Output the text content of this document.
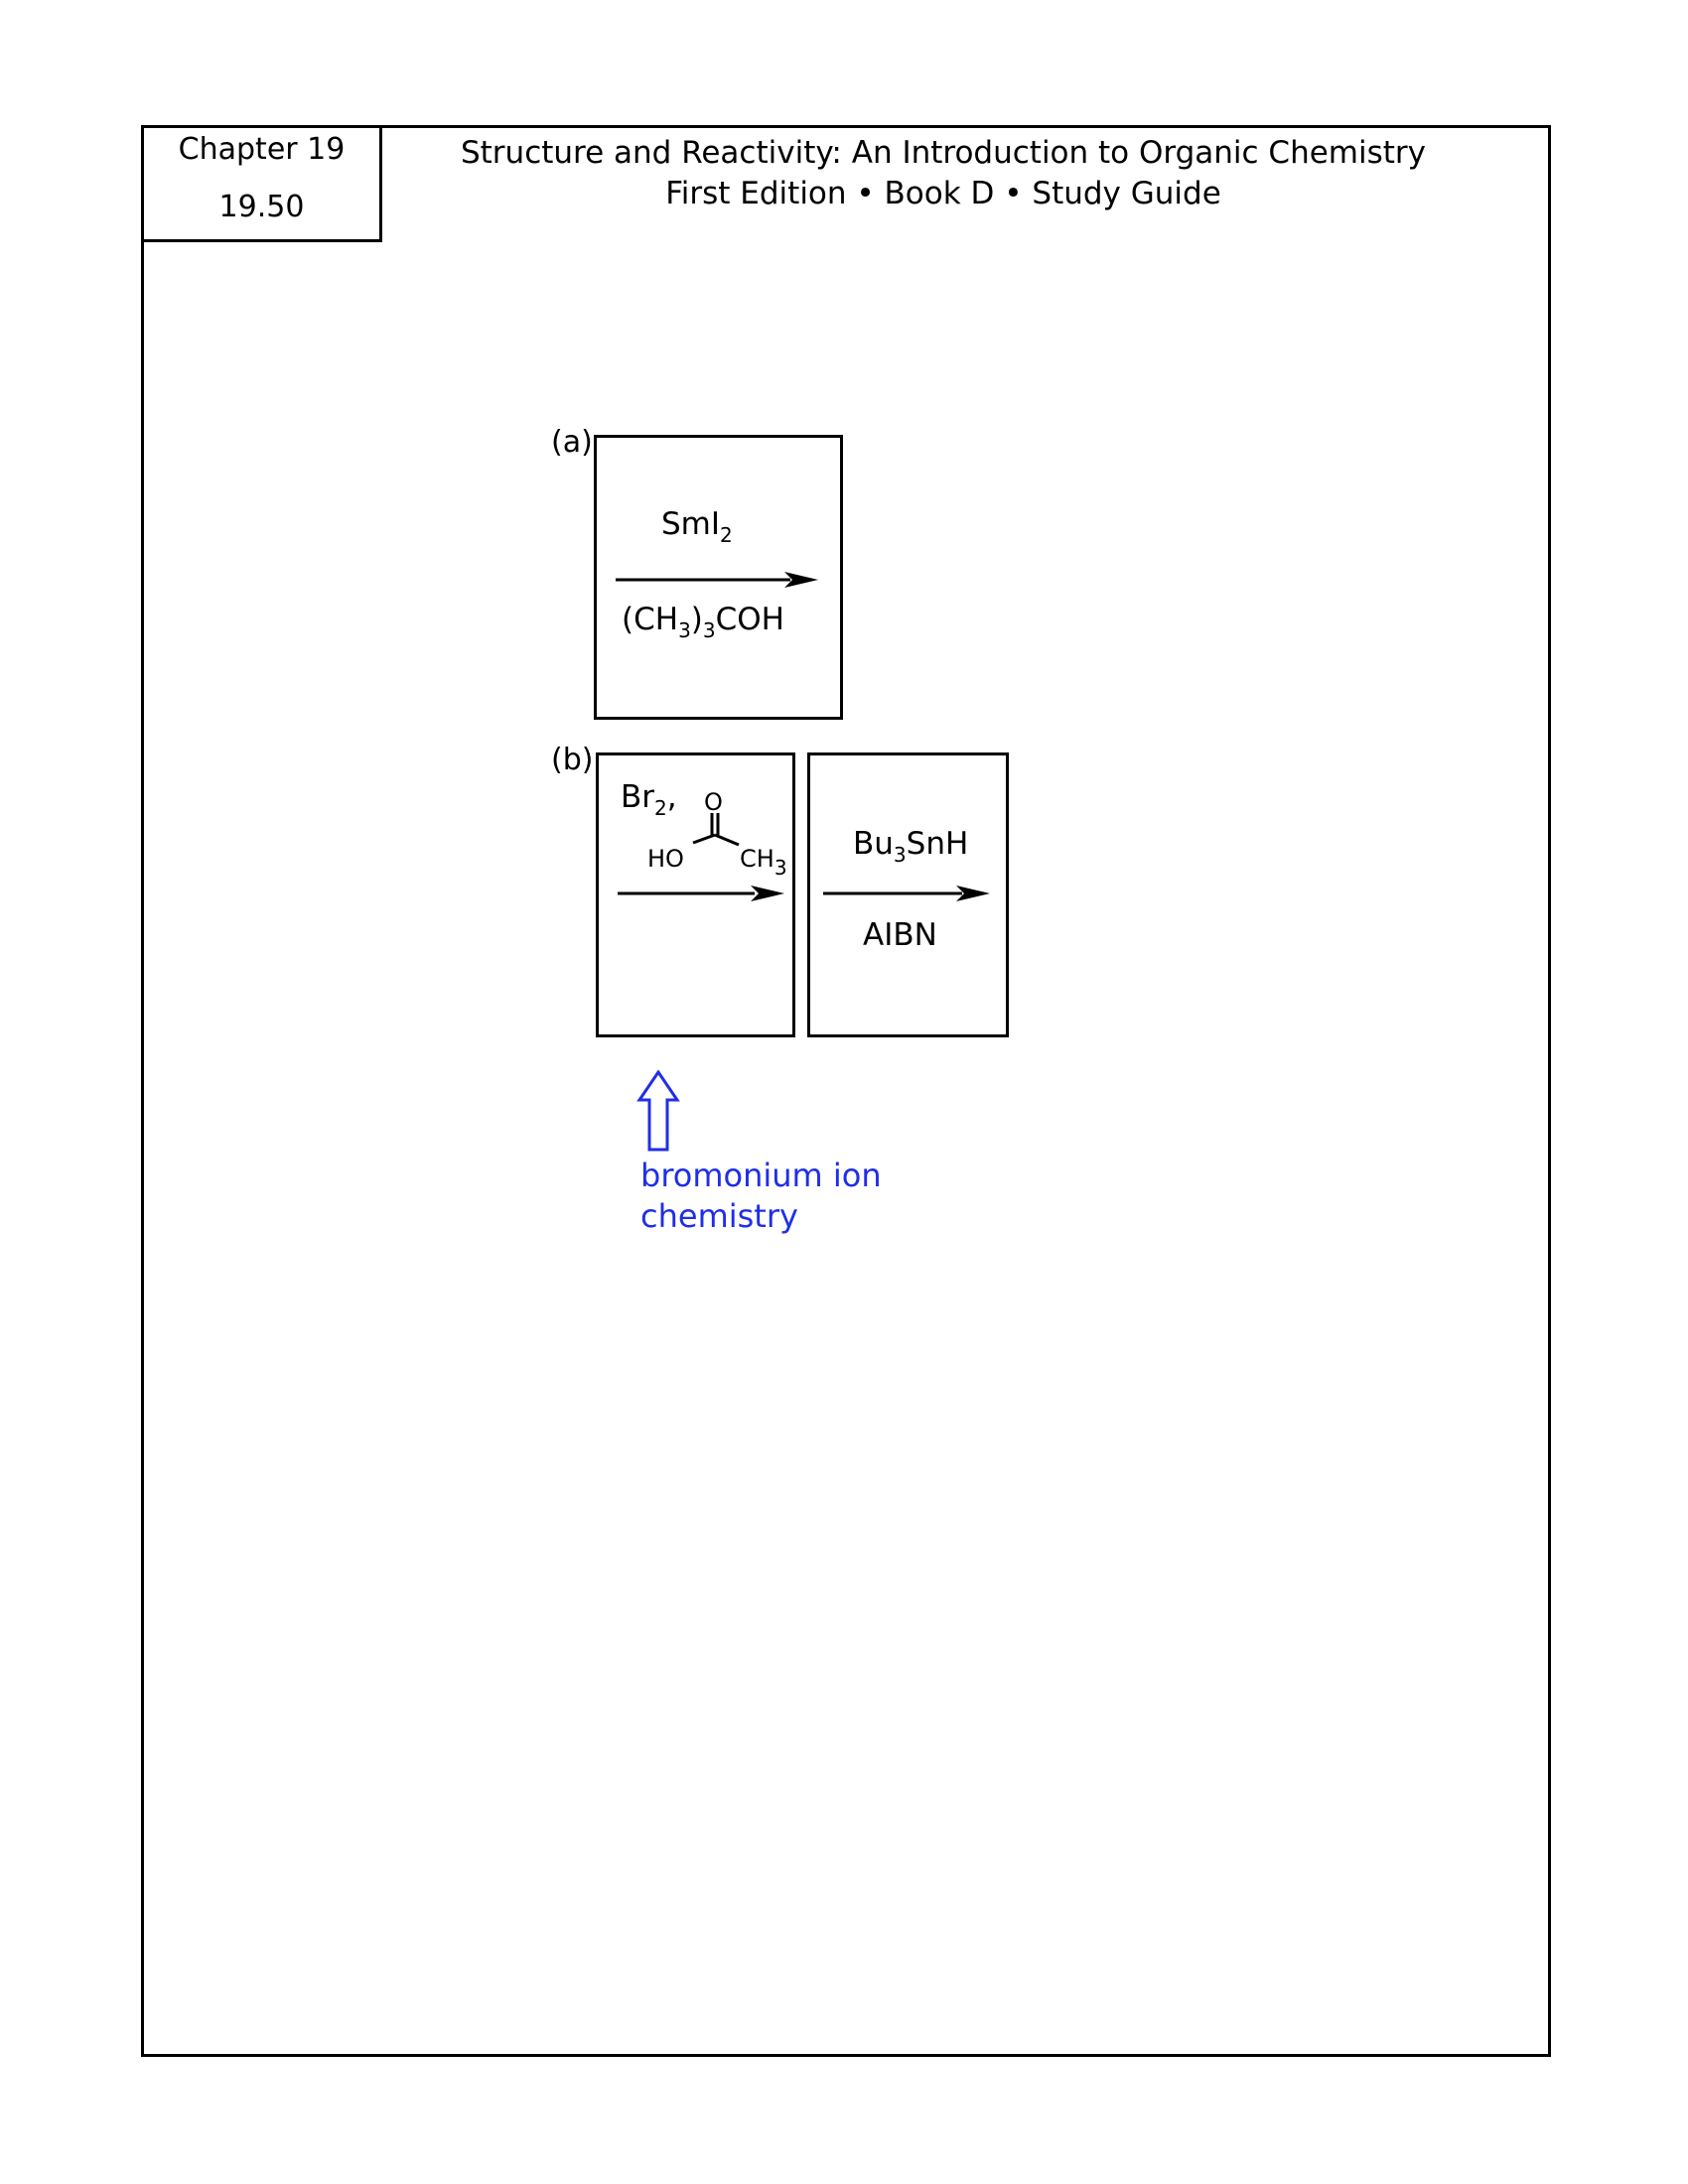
Chapter 19
19.50
Structure and Reactivity: An Introduction to Organic Chemistry
First Edition • Book D • Study Guide
(a)
SmI$_2$
$(CH_3)_3COH$
(b)
$Br_2$, O
HO $CH_3$
$Bu_3SnH$
AIBN
bromonium ion
chemistry
